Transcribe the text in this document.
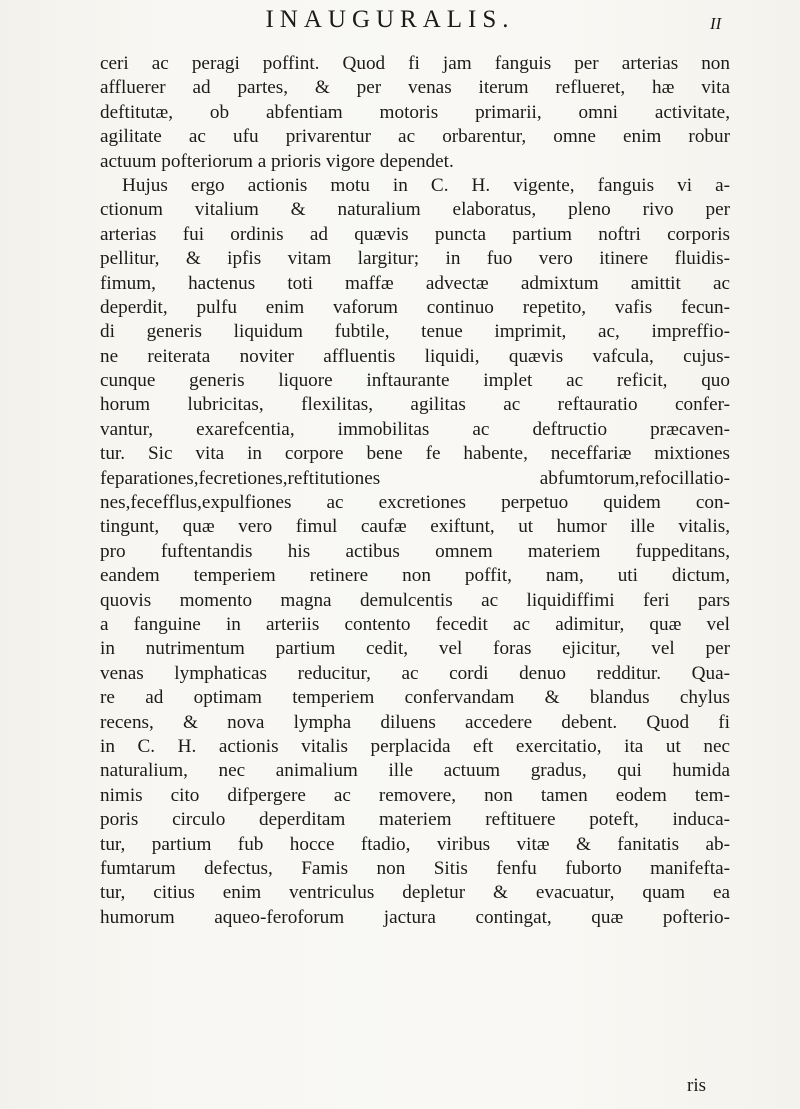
INAUGURALIS.	II
ceri ac peragi poffint. Quod fi jam fanguis per arterias non
affluerer ad partes, & per venas iterum reflueret, hæ vita
deftitutæ, ob abfentiam motoris primarii, omni activitate,
agilitate ac ufu privarentur ac orbarentur, omne enim robur
actuum pofteriorum a prioris vigore dependet.
Hujus ergo actionis motu in C. H. vigente, fanguis vi a-
ctionum vitalium & naturalium elaboratus, pleno rivo per
arterias fui ordinis ad quævis puncta partium noftri corporis
pellitur, & ipfis vitam largitur; in fuo vero itinere fluidis-
fimum, hactenus toti maffæ advectæ admixtum amittit ac
deperdit, pulfu enim vaforum continuo repetito, vafis fecun-
di generis liquidum fubtile, tenue imprimit, ac, impreffio-
ne reiterata noviter affluentis liquidi, quævis vafcula, cujus-
cunque generis liquore inftaurante implet ac reficit, quo
horum lubricitas, flexilitas, agilitas ac reftauratio confer-
vantur, exarefcentia, immobilitas ac deftructio præcaven-
tur. Sic vita in corpore bene fe habente, neceffariæ mixtiones
feparationes,fecretiones,reftitutiones abfumtorum,refocillatio-
nes,fecefflus,expulfiones ac excretiones perpetuo quidem con-
tingunt, quæ vero fimul caufæ exiftunt, ut humor ille vitalis,
pro fuftentandis his actibus omnem materiem fuppeditans,
eandem temperiem retinere non poffit, nam, uti dictum,
quovis momento magna demulcentis ac liquidiffimi feri pars
a fanguine in arteriis contento fecedit ac adimitur, quæ vel
in nutrimentum partium cedit, vel foras ejicitur, vel per
venas lymphaticas reducitur, ac cordi denuo redditur. Qua-
re ad optimam temperiem confervandam & blandus chylus
recens, & nova lympha diluens accedere debent. Quod fi
in C. H. actionis vitalis perplacida eft exercitatio, ita ut nec
naturalium, nec animalium ille actuum gradus, qui humida
nimis cito difpergere ac removere, non tamen eodem tem-
poris circulo deperditam materiem reftituere poteft, induca-
tur, partium fub hocce ftadio, viribus vitæ & fanitatis ab-
fumtarum defectus, Famis non Sitis fenfu fuborto manifefta-
tur, citius enim ventriculus depletur & evacuatur, quam ea
humorum aqueo-feroforum jactura contingat, quæ pofterio-
ris
